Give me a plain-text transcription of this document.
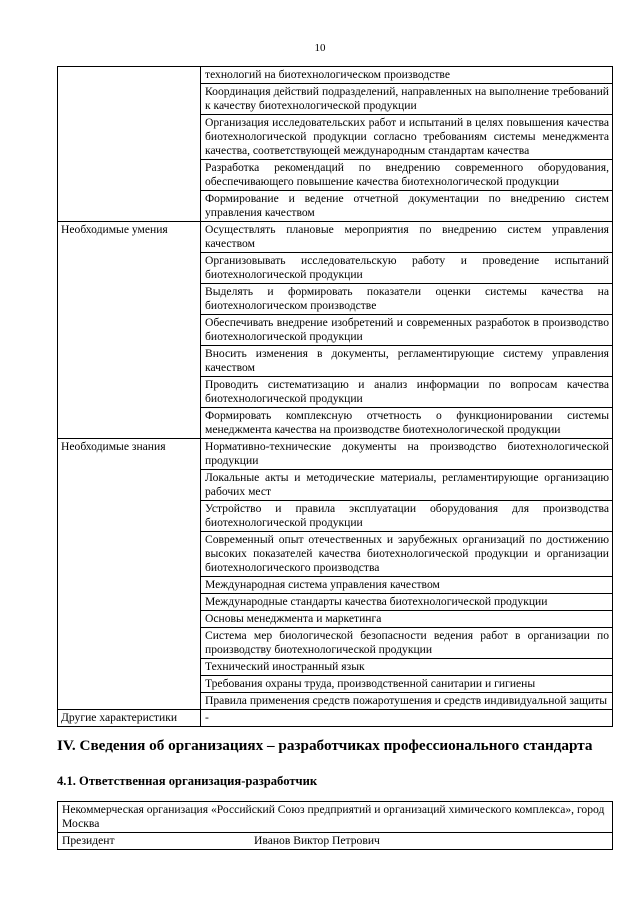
10
	технологий на биотехнологическом производстве
	Координация действий подразделений, направленных на выполнение требований к качеству биотехнологической продукции
	Организация исследовательских работ и испытаний в целях повышения качества биотехнологической продукции согласно требованиям системы менеджмента качества, соответствующей международным стандартам качества
	Разработка рекомендаций по внедрению современного оборудования, обеспечивающего повышение качества биотехнологической продукции
	Формирование и ведение отчетной документации по внедрению систем управления качеством
Необходимые умения	Осуществлять плановые мероприятия по внедрению систем управления качеством
	Организовывать исследовательскую работу и проведение испытаний биотехнологической продукции
	Выделять и формировать показатели оценки системы качества на биотехнологическом производстве
	Обеспечивать внедрение изобретений и современных разработок в производство биотехнологической продукции
	Вносить изменения в документы, регламентирующие систему управления качеством
	Проводить систематизацию и анализ информации по вопросам качества биотехнологической продукции
	Формировать комплексную отчетность о функционировании системы менеджмента качества на производстве биотехнологической продукции
Необходимые знания	Нормативно-технические документы на производство биотехнологической продукции
	Локальные акты и методические материалы, регламентирующие организацию рабочих мест
	Устройство и правила эксплуатации оборудования для производства биотехнологической продукции
	Современный опыт отечественных и зарубежных организаций по достижению высоких показателей качества биотехнологической продукции и организации биотехнологического производства
	Международная система управления качеством
	Международные стандарты качества биотехнологической продукции
	Основы менеджмента и маркетинга
	Система мер биологической безопасности ведения работ в организации по производству биотехнологической продукции
	Технический иностранный язык
	Требования охраны труда, производственной санитарии и гигиены
	Правила применения средств пожаротушения и средств индивидуальной защиты
Другие характеристики	-
IV. Сведения об организациях – разработчиках профессионального стандарта
4.1. Ответственная организация-разработчик
Некоммерческая организация «Российский Союз предприятий и организаций химического комплекса», город Москва

Президент	Иванов Виктор Петрович
